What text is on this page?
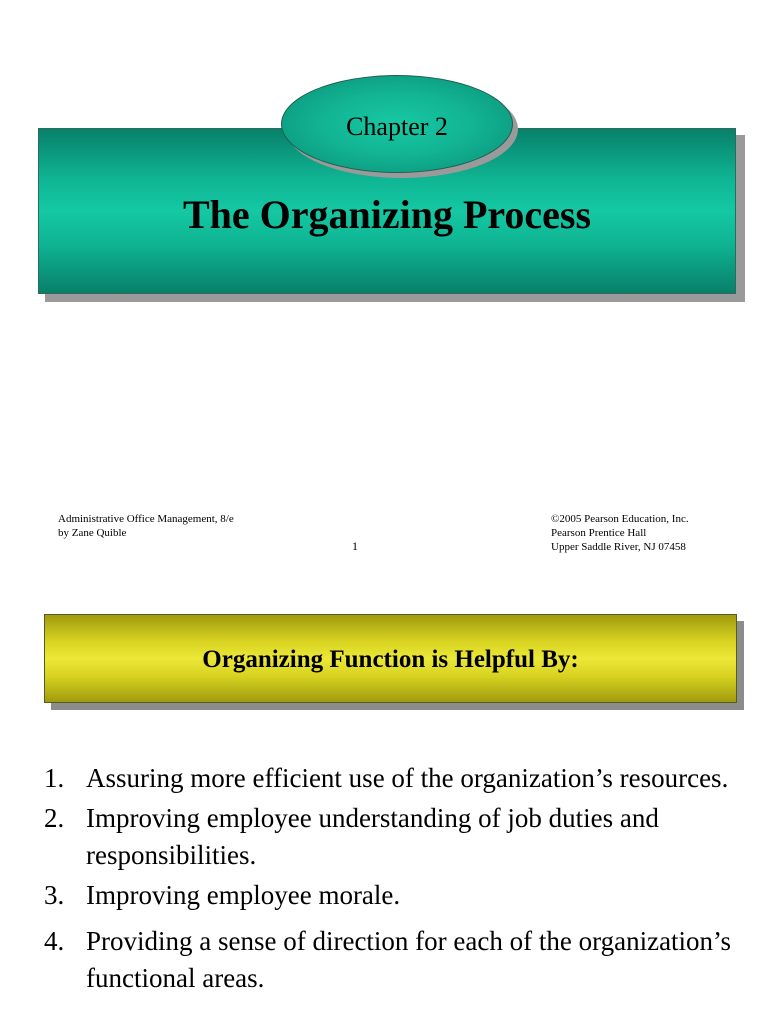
The Organizing Process
Chapter 2
Administrative Office Management, 8/e
by Zane Quible
1
©2005 Pearson Education, Inc.
Pearson Prentice Hall
Upper Saddle River, NJ 07458
Organizing Function is Helpful By:
1. Assuring more efficient use of the organization’s resources.
2. Improving employee understanding of job duties and responsibilities.
3. Improving employee morale.
4. Providing a sense of direction for each of the organization’s functional areas.
